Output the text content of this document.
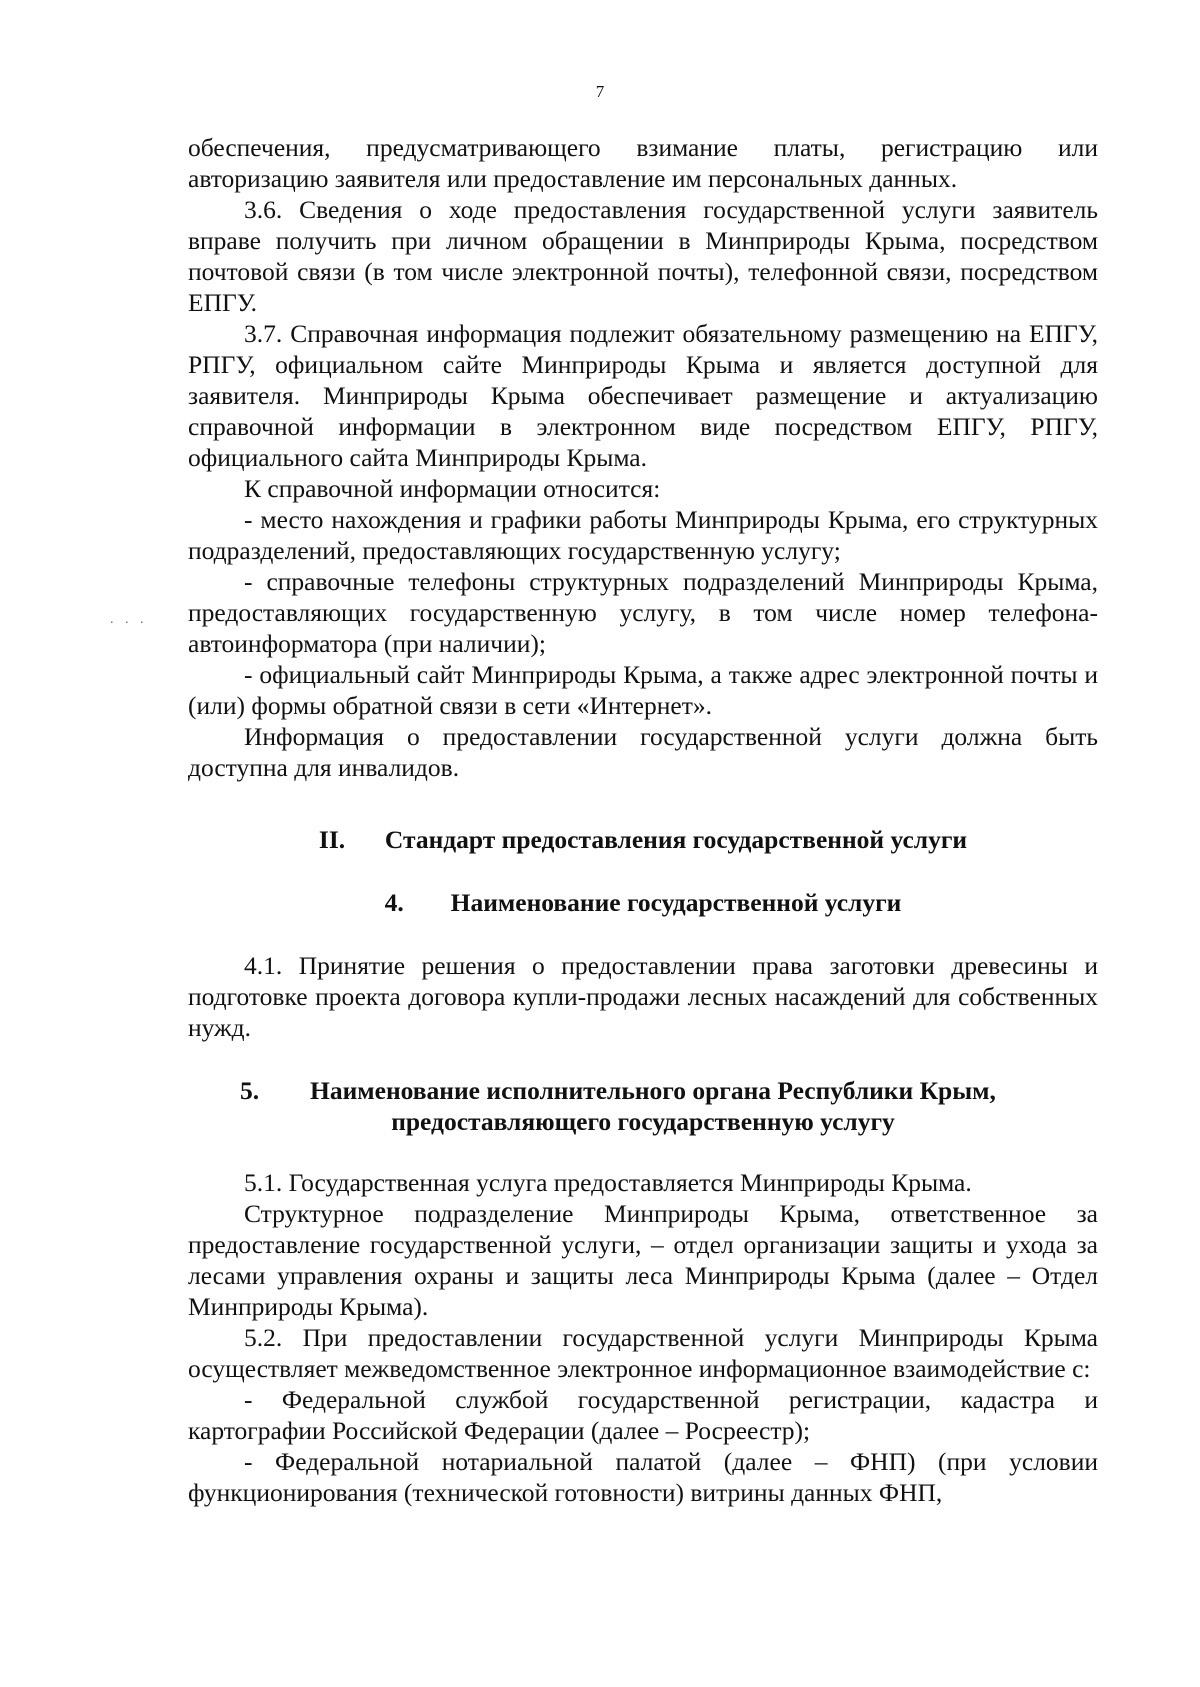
7
. . .

обеспечения, предусматривающего взимание платы, регистрацию или авторизацию заявителя или предоставление им персональных данных.

3.6. Сведения о ходе предоставления государственной услуги заявитель вправе получить при личном обращении в Минприроды Крыма, посредством почтовой связи (в том числе электронной почты), телефонной связи, посредством ЕПГУ.

3.7. Справочная информация подлежит обязательному размещению на ЕПГУ, РПГУ, официальном сайте Минприроды Крыма и является доступной для заявителя. Минприроды Крыма обеспечивает размещение и актуализацию справочной информации в электронном виде посредством ЕПГУ, РПГУ, официального сайта Минприроды Крыма.

К справочной информации относится:

- место нахождения и графики работы Минприроды Крыма, его структурных подразделений, предоставляющих государственную услугу;

- справочные телефоны структурных подразделений Минприроды Крыма, предоставляющих государственную услугу, в том числе номер телефона-автоинформатора (при наличии);

- официальный сайт Минприроды Крыма, а также адрес электронной почты и (или) формы обратной связи в сети «Интернет».

Информация о предоставлении государственной услуги должна быть доступна для инвалидов.

II.	Стандарт предоставления государственной услуги
4.	Наименование государственной услуги

4.1. Принятие решения о предоставлении права заготовки древесины и подготовке проекта договора купли-продажи лесных насаждений для собственных нужд.

5.	Наименование исполнительного органа Республики Крым,
предоставляющего государственную услугу

5.1. Государственная услуга предоставляется Минприроды Крыма.

Структурное подразделение Минприроды Крыма, ответственное за предоставление государственной услуги, – отдел организации защиты и ухода за лесами управления охраны и защиты леса Минприроды Крыма (далее – Отдел Минприроды Крыма).

5.2. При предоставлении государственной услуги Минприроды Крыма осуществляет межведомственное электронное информационное взаимодействие с:

- Федеральной службой государственной регистрации, кадастра и картографии Российской Федерации (далее – Росреестр);

- Федеральной нотариальной палатой (далее – ФНП) (при условии функционирования (технической готовности) витрины данных ФНП,
